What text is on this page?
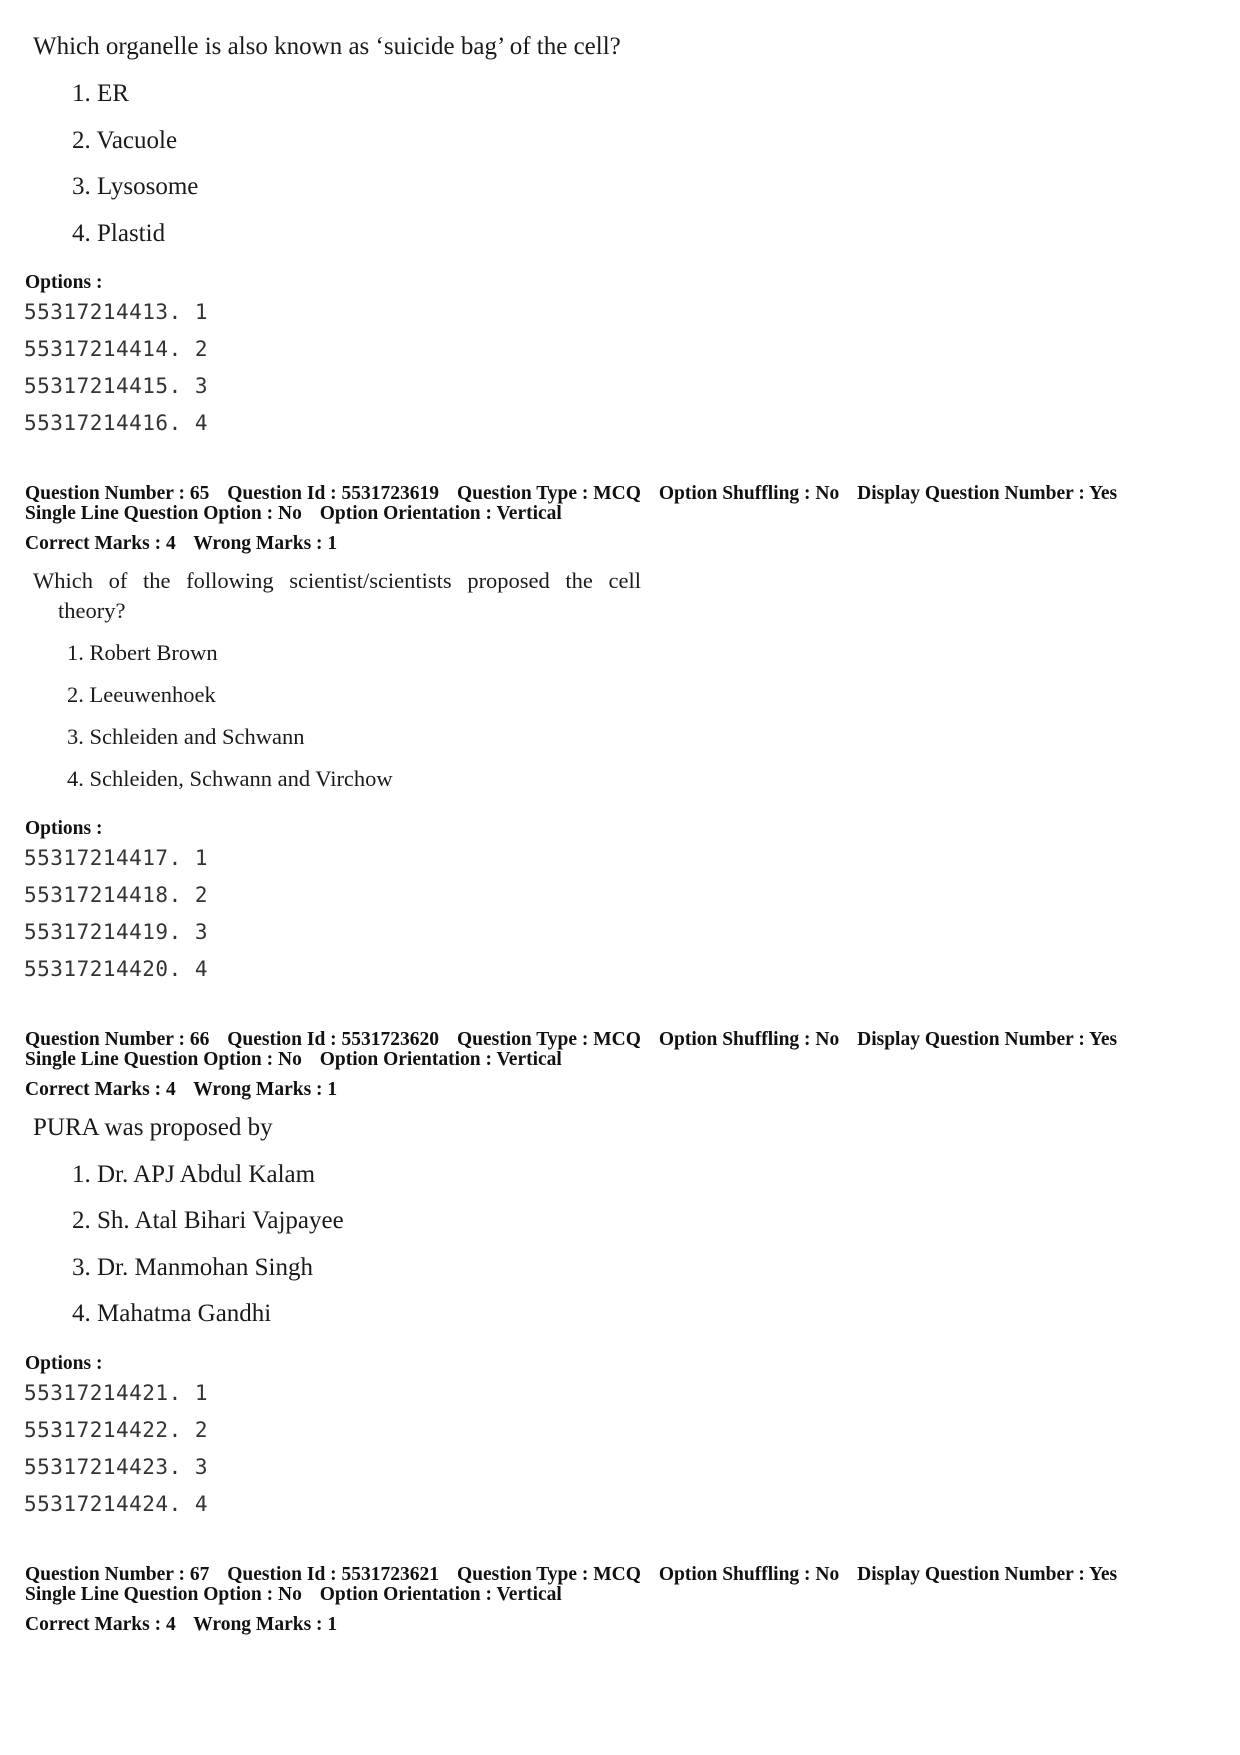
Which organelle is also known as ‘suicide bag’ of the cell?
1. ER
2. Vacuole
3. Lysosome
4. Plastid
Options :
55317214413. 1
55317214414. 2
55317214415. 3
55317214416. 4
Question Number : 65 Question Id : 5531723619 Question Type : MCQ Option Shuffling : No Display Question Number : Yes
Single Line Question Option : No Option Orientation : Vertical
Correct Marks : 4 Wrong Marks : 1
Which of the following scientist/scientists proposed the cell
theory?
1. Robert Brown
2. Leeuwenhoek
3. Schleiden and Schwann
4. Schleiden, Schwann and Virchow
Options :
55317214417. 1
55317214418. 2
55317214419. 3
55317214420. 4
Question Number : 66 Question Id : 5531723620 Question Type : MCQ Option Shuffling : No Display Question Number : Yes
Single Line Question Option : No Option Orientation : Vertical
Correct Marks : 4 Wrong Marks : 1
PURA was proposed by
1. Dr. APJ Abdul Kalam
2. Sh. Atal Bihari Vajpayee
3. Dr. Manmohan Singh
4. Mahatma Gandhi
Options :
55317214421. 1
55317214422. 2
55317214423. 3
55317214424. 4
Question Number : 67 Question Id : 5531723621 Question Type : MCQ Option Shuffling : No Display Question Number : Yes
Single Line Question Option : No Option Orientation : Vertical
Correct Marks : 4 Wrong Marks : 1
